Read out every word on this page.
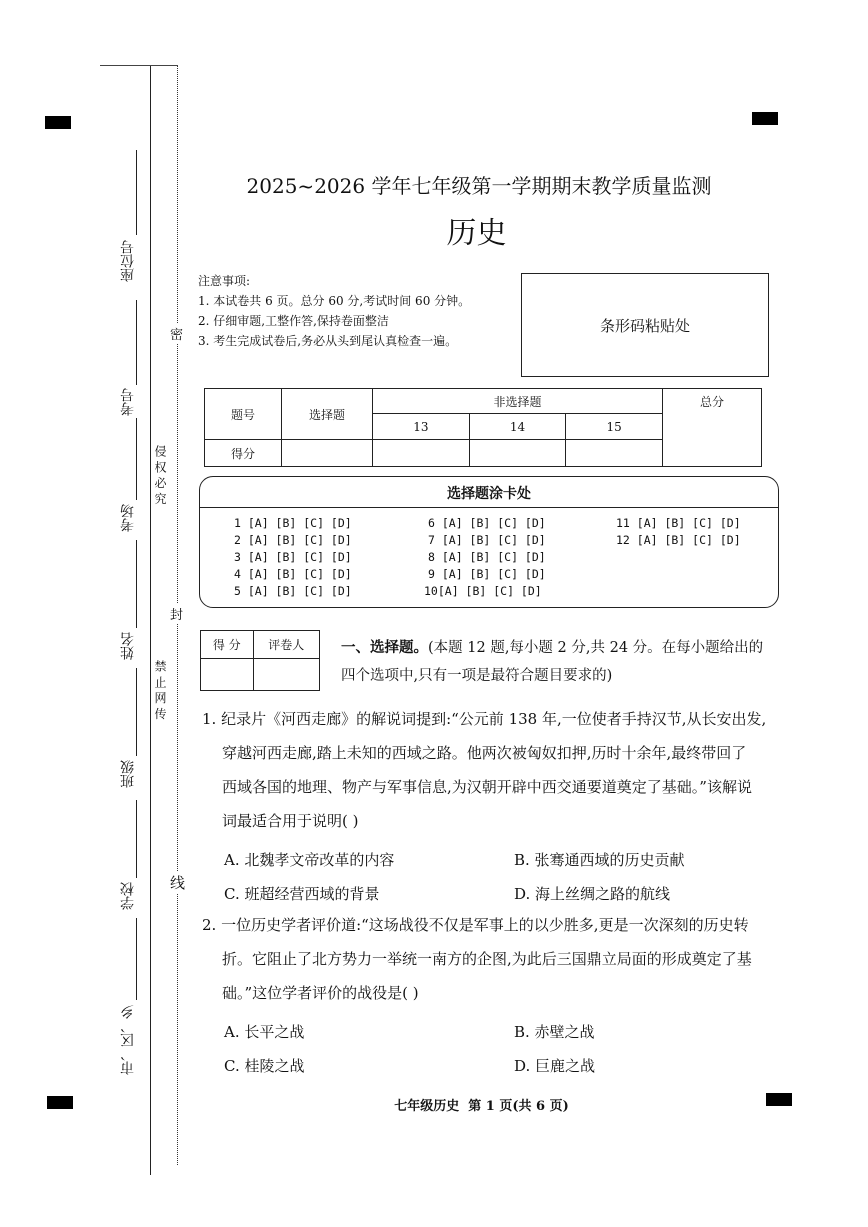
座位号
考号
考场
姓名
班级
学校
市、区、乡
密
封
线
侵 权 必 究
禁 止 网 传
2025~2026 学年七年级第一学期期末教学质量监测
历史
注意事项:
1. 本试卷共 6 页。总分 60 分,考试时间 60 分钟。
2. 仔细审题,工整作答,保持卷面整洁
3. 考生完成试卷后,务必从头到尾认真检查一遍。
条形码粘贴处
题号	选择题	非选择题			总分
		13	14	15	
得分					
选择题涂卡处
1 [A] [B] [C] [D]
2 [A] [B] [C] [D]
3 [A] [B] [C] [D]
4 [A] [B] [C] [D]
5 [A] [B] [C] [D]
6 [A] [B] [C] [D]
7 [A] [B] [C] [D]
8 [A] [B] [C] [D]
9 [A] [B] [C] [D]
10[A] [B] [C] [D]
11 [A] [B] [C] [D]
12 [A] [B] [C] [D]
得 分	评卷人
		一、选择题。(本题 12 题,每小题 2 分,共 24 分。在每小题给出的
四个选项中,只有一项是最符合题目要求的)
1. 纪录片《河西走廊》的解说词提到:“公元前 138 年,一位使者手持汉节,从长安出发,
穿越河西走廊,踏上未知的西域之路。他两次被匈奴扣押,历时十余年,最终带回了
西域各国的地理、物产与军事信息,为汉朝开辟中西交通要道奠定了基础。”该解说
词最适合用于说明( )
A. 北魏孝文帝改革的内容	B. 张骞通西域的历史贡献
C. 班超经营西域的背景	D. 海上丝绸之路的航线
2. 一位历史学者评价道:“这场战役不仅是军事上的以少胜多,更是一次深刻的历史转
折。它阻止了北方势力一举统一南方的企图,为此后三国鼎立局面的形成奠定了基
础。”这位学者评价的战役是( )
A. 长平之战	B. 赤壁之战
C. 桂陵之战	D. 巨鹿之战
七年级历史  第 1 页(共 6 页)
